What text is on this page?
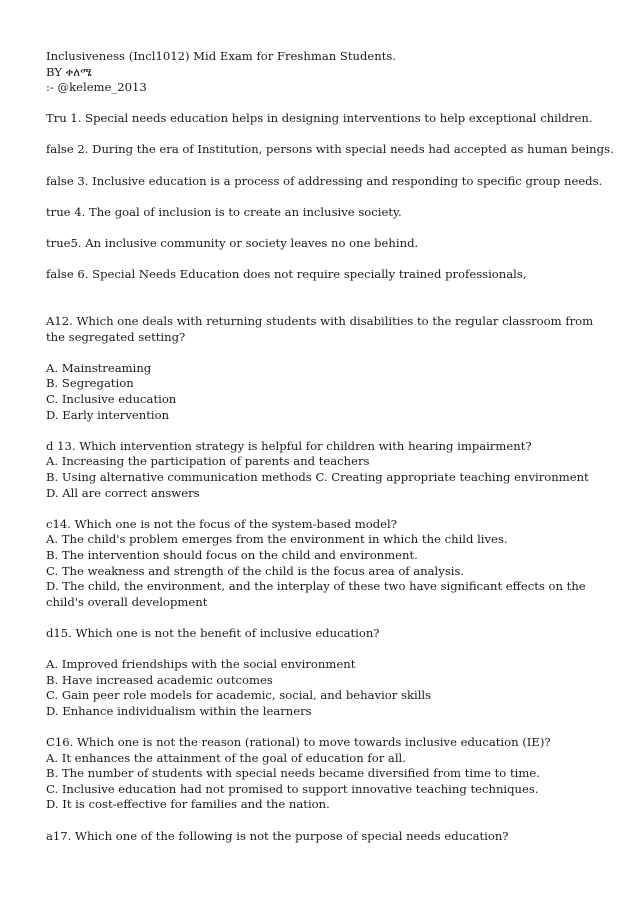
Inclusiveness (Incl1012) Mid Exam for Freshman Students.
BY ቀለሜ
:- @keleme_2013
Tru 1. Special needs education helps in designing interventions to help exceptional children.
false 2. During the era of Institution, persons with special needs had accepted as human beings.
false 3. Inclusive education is a process of addressing and responding to specific group needs.
true 4. The goal of inclusion is to create an inclusive society.
true5. An inclusive community or society leaves no one behind.
false 6. Special Needs Education does not require specially trained professionals,
A12. Which one deals with returning students with disabilities to the regular classroom from the segregated setting?
A. Mainstreaming
B. Segregation
C. Inclusive education
D. Early intervention
d 13. Which intervention strategy is helpful for children with hearing impairment?
A. Increasing the participation of parents and teachers
B. Using alternative communication methods C. Creating appropriate teaching environment
D. All are correct answers
c14. Which one is not the focus of the system-based model?
A. The child's problem emerges from the environment in which the child lives.
B. The intervention should focus on the child and environment.
C. The weakness and strength of the child is the focus area of analysis.
D. The child, the environment, and the interplay of these two have significant effects on the child's overall development
d15. Which one is not the benefit of inclusive education?
A. Improved friendships with the social environment
B. Have increased academic outcomes
C. Gain peer role models for academic, social, and behavior skills
D. Enhance individualism within the learners
C16. Which one is not the reason (rational) to move towards inclusive education (IE)?
A. It enhances the attainment of the goal of education for all.
B. The number of students with special needs became diversified from time to time.
C. Inclusive education had not promised to support innovative teaching techniques.
D. It is cost-effective for families and the nation.
a17. Which one of the following is not the purpose of special needs education?
